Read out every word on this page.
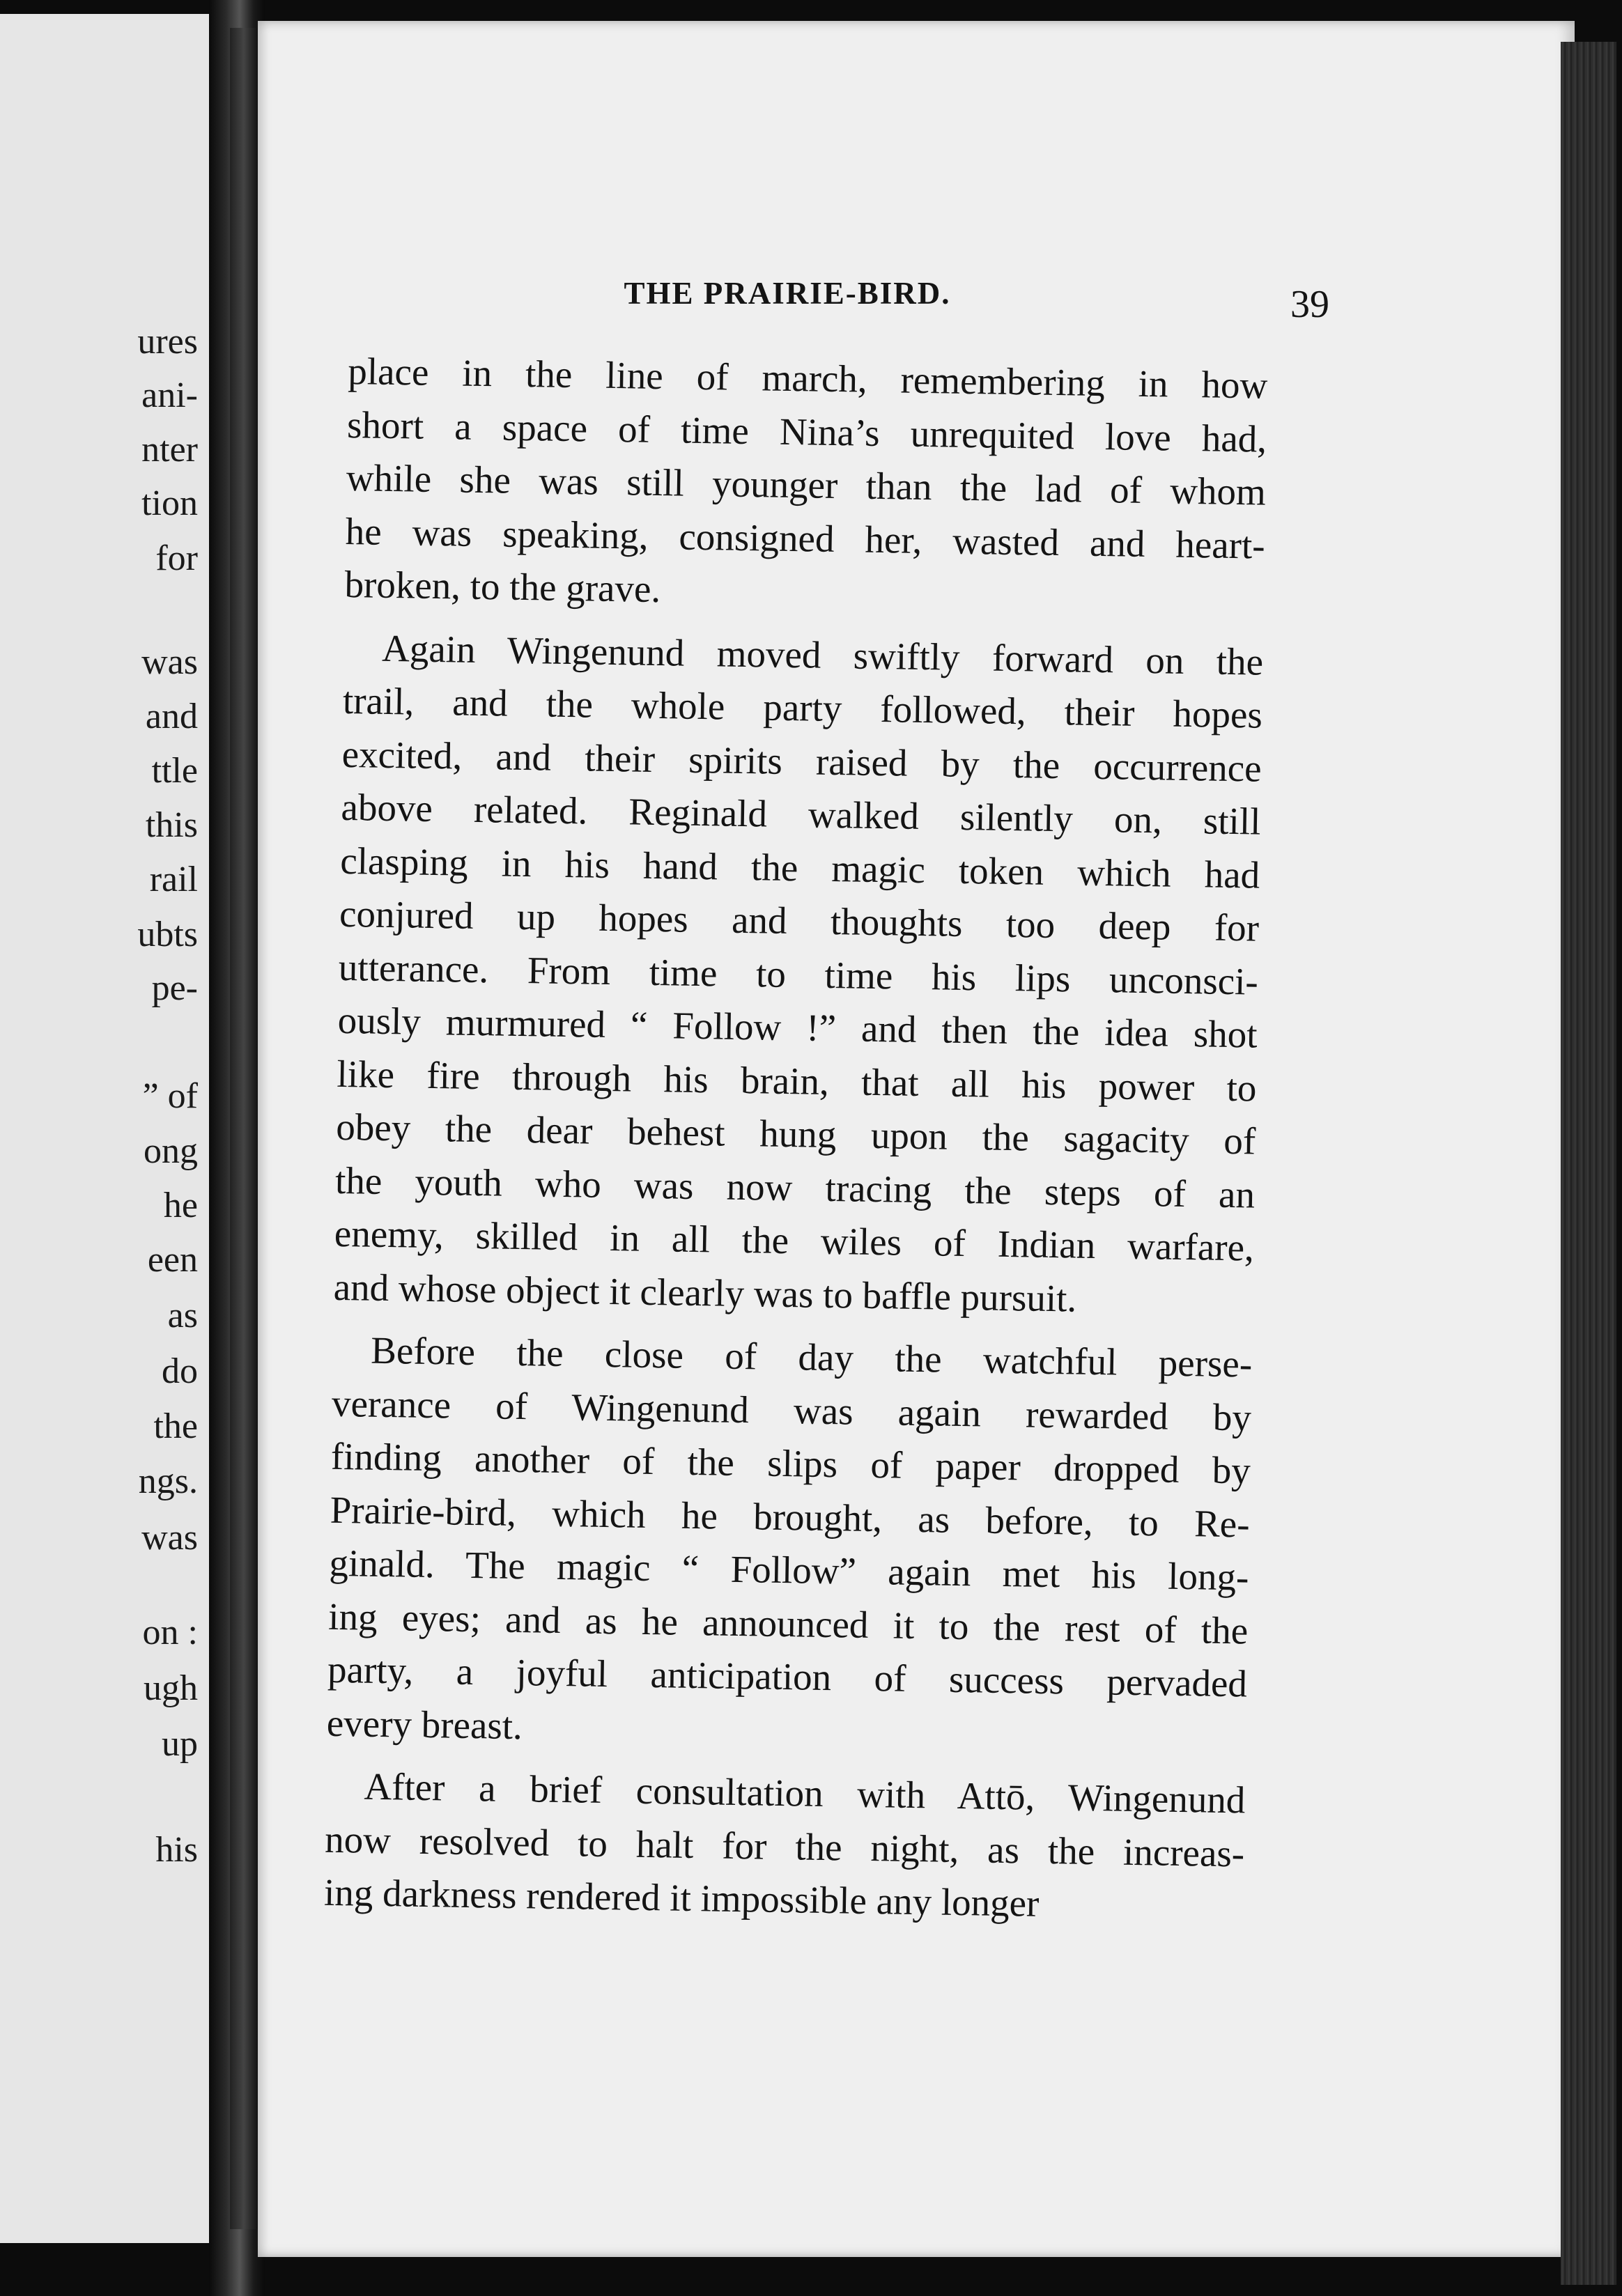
ures

ani-

nter

tion

for

was

and

ttle

this

rail

ubts

pe-

” of

ong

he

een

as

do

the

ngs.

was

on :

ugh

up

his

THE PRAIRIE-BIRD.	39

place in the line of march, remembering in how
short a space of time Nina’s unrequited love had,
while she was still younger than the lad of whom
he was speaking, consigned her, wasted and heart-
broken, to the grave.
Again Wingenund moved swiftly forward on the
trail, and the whole party followed, their hopes
excited, and their spirits raised by the occurrence
above related. Reginald walked silently on, still
clasping in his hand the magic token which had
conjured up hopes and thoughts too deep for
utterance. From time to time his lips unconsci-
ously murmured “ Follow !” and then the idea shot
like fire through his brain, that all his power to
obey the dear behest hung upon the sagacity of
the youth who was now tracing the steps of an
enemy, skilled in all the wiles of Indian warfare,
and whose object it clearly was to baffle pursuit.
Before the close of day the watchful perse-
verance of Wingenund was again rewarded by
finding another of the slips of paper dropped by
Prairie-bird, which he brought, as before, to Re-
ginald. The magic “ Follow” again met his long-
ing eyes; and as he announced it to the rest of the
party, a joyful anticipation of success pervaded
every breast.
After a brief consultation with Attō, Wingenund
now resolved to halt for the night, as the increas-
ing darkness rendered it impossible any longer
